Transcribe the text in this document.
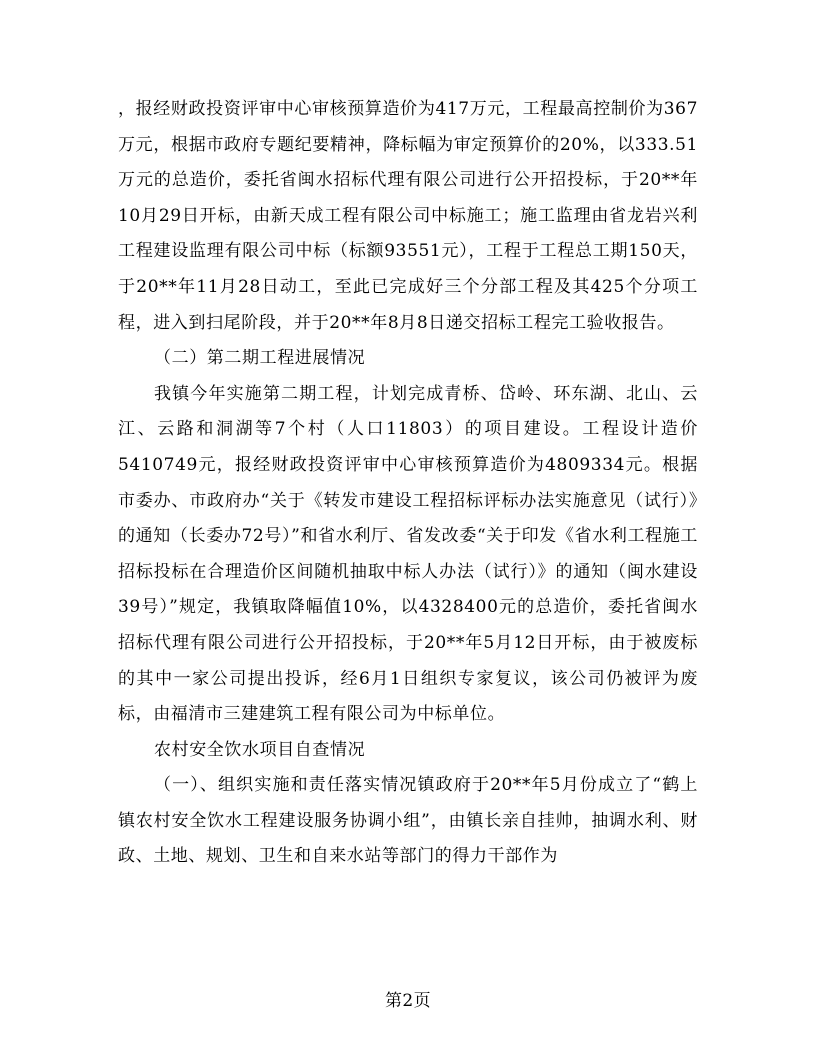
，报经财政投资评审中心审核预算造价为417万元，工程最高控制价为367万元，根据市政府专题纪要精神，降标幅为审定预算价的20%，以333.51万元的总造价，委托省闽水招标代理有限公司进行公开招投标，于20**年10月29日开标，由新天成工程有限公司中标施工；施工监理由省龙岩兴利工程建设监理有限公司中标（标额93551元），工程于工程总工期150天，于20**年11月28日动工，至此已完成好三个分部工程及其425个分项工程，进入到扫尾阶段，并于20**年8月8日递交招标工程完工验收报告。

（二）第二期工程进展情况

我镇今年实施第二期工程，计划完成青桥、岱岭、环东湖、北山、云江、云路和洞湖等7个村（人口11803）的项目建设。工程设计造价5410749元，报经财政投资评审中心审核预算造价为4809334元。根据市委办、市政府办“关于《转发市建设工程招标评标办法实施意见（试行）》的通知（长委办72号）”和省水利厅、省发改委“关于印发《省水利工程施工招标投标在合理造价区间随机抽取中标人办法（试行）》的通知（闽水建设39号）”规定，我镇取降幅值10%，以4328400元的总造价，委托省闽水招标代理有限公司进行公开招投标，于20**年5月12日开标，由于被废标的其中一家公司提出投诉，经6月1日组织专家复议，该公司仍被评为废标，由福清市三建建筑工程有限公司为中标单位。

农村安全饮水项目自查情况

（一）、组织实施和责任落实情况镇政府于20**年5月份成立了“鹤上镇农村安全饮水工程建设服务协调小组”，由镇长亲自挂帅，抽调水利、财政、土地、规划、卫生和自来水站等部门的得力干部作为

第2页
